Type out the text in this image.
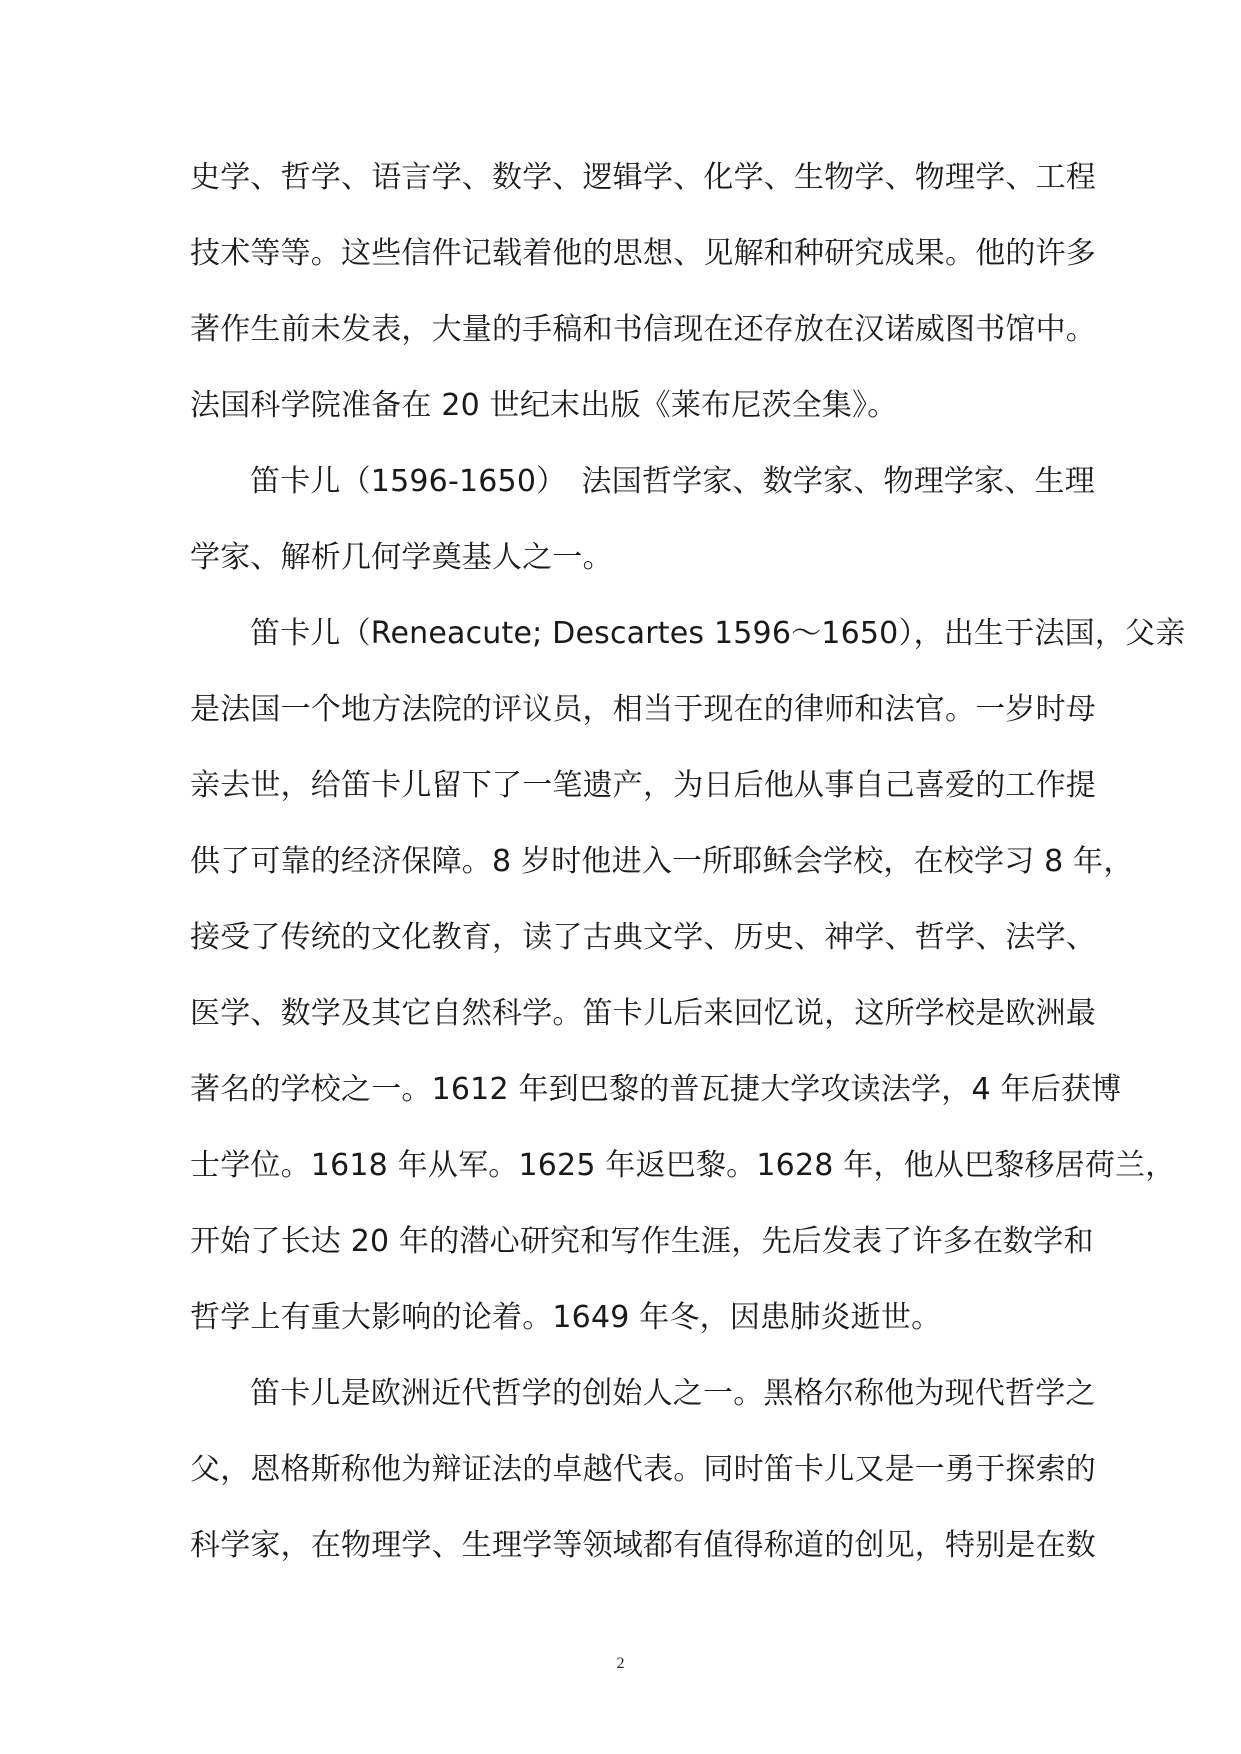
史学、哲学、语言学、数学、逻辑学、化学、生物学、物理学、工程
技术等等。这些信件记载着他的思想、见解和种研究成果。他的许多
著作生前未发表，大量的手稿和书信现在还存放在汉诺威图书馆中。
法国科学院准备在 20 世纪末出版《莱布尼茨全集》。
笛卡儿（1596-1650）　法国哲学家、数学家、物理学家、生理
学家、解析几何学奠基人之一。
笛卡儿（Reneacute; Descartes 1596～1650），出生于法国，父亲
是法国一个地方法院的评议员，相当于现在的律师和法官。一岁时母
亲去世，给笛卡儿留下了一笔遗产，为日后他从事自己喜爱的工作提
供了可靠的经济保障。8 岁时他进入一所耶稣会学校，在校学习 8 年，
接受了传统的文化教育，读了古典文学、历史、神学、哲学、法学、
医学、数学及其它自然科学。笛卡儿后来回忆说，这所学校是欧洲最
著名的学校之一。1612 年到巴黎的普瓦捷大学攻读法学，4 年后获博
士学位。1618 年从军。1625 年返巴黎。1628 年，他从巴黎移居荷兰，
开始了长达 20 年的潜心研究和写作生涯，先后发表了许多在数学和
哲学上有重大影响的论着。1649 年冬，因患肺炎逝世。
笛卡儿是欧洲近代哲学的创始人之一。黑格尔称他为现代哲学之
父，恩格斯称他为辩证法的卓越代表。同时笛卡儿又是一勇于探索的
科学家，在物理学、生理学等领域都有值得称道的创见，特别是在数
2
